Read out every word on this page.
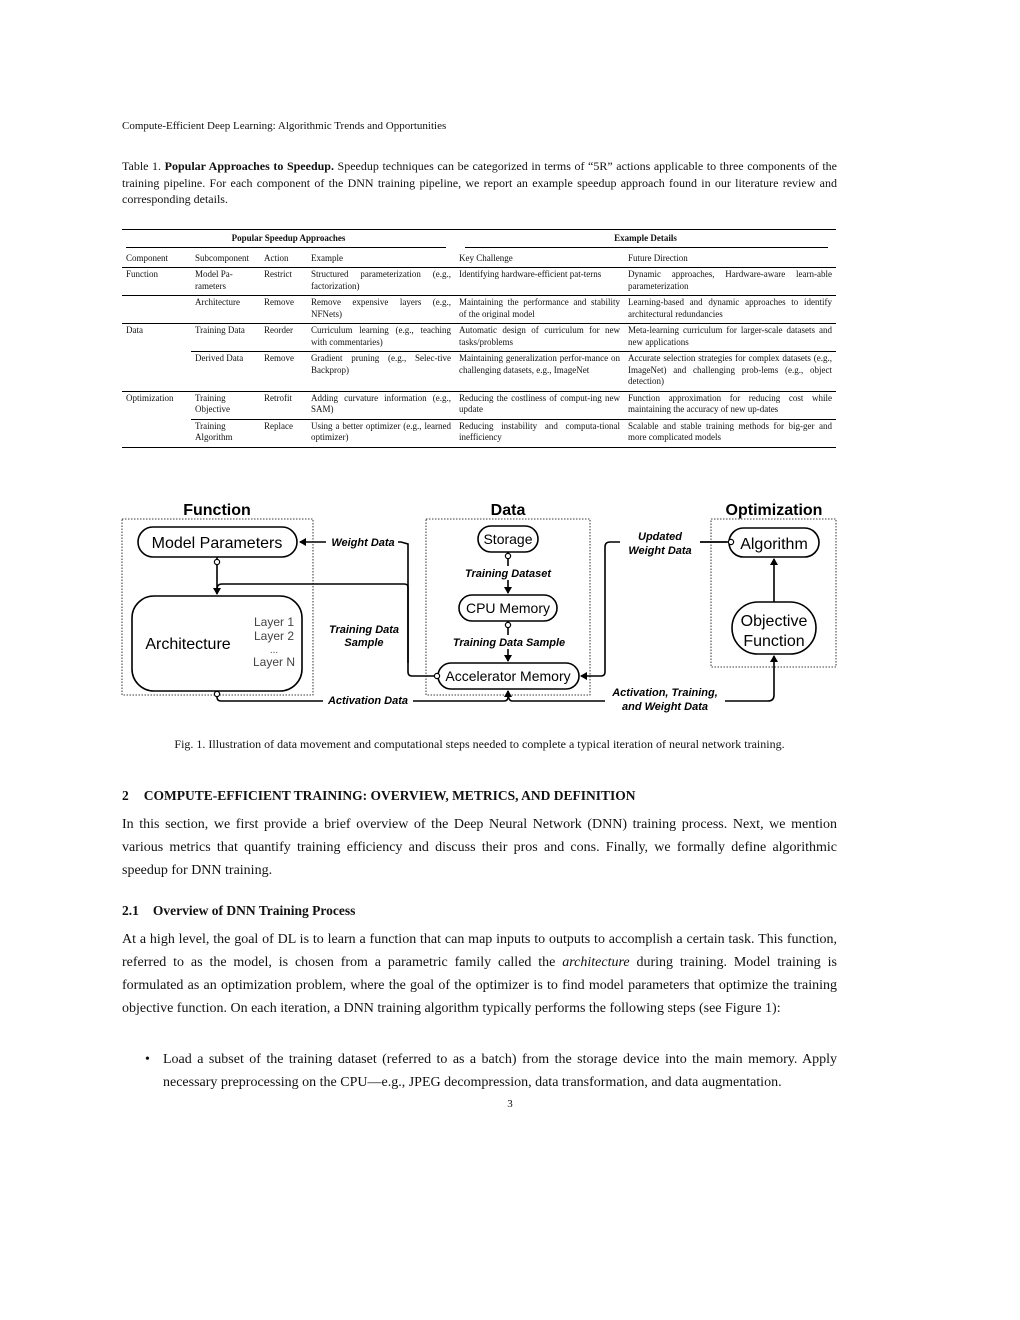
Compute-Efficient Deep Learning: Algorithmic Trends and Opportunities
Table 1. Popular Approaches to Speedup. Speedup techniques can be categorized in terms of “5R” actions applicable to three components of the training pipeline. For each component of the DNN training pipeline, we report an example speedup approach found in our literature review and corresponding details.
Popular Speedup Approaches				Example Details	
Component	Subcomponent	Action	Example	Key Challenge	Future Direction
Function	Model Pa-rameters	Restrict	Structured parameterization (e.g., factorization)	Identifying hardware-efficient pat-terns	Dynamic approaches, Hardware-aware learn-able parameterization
	Architecture	Remove	Remove expensive layers (e.g., NFNets)	Maintaining the performance and stability of the original model	Learning-based and dynamic approaches to identify architectural redundancies
Data	Training Data	Reorder	Curriculum learning (e.g., teaching with commentaries)	Automatic design of curriculum for new tasks/problems	Meta-learning curriculum for larger-scale datasets and new applications
	Derived Data	Remove	Gradient pruning (e.g., Selec-tive Backprop)	Maintaining generalization perfor-mance on challenging datasets, e.g., ImageNet	Accurate selection strategies for complex datasets (e.g., ImageNet) and challenging prob-lems (e.g., object detection)
Optimization	Training Objective	Retrofit	Adding curvature information (e.g., SAM)	Reducing the costliness of comput-ing new update	Function approximation for reducing cost while maintaining the accuracy of new up-dates
	Training Algorithm	Replace	Using a better optimizer (e.g., learned optimizer)	Reducing instability and computa-tional inefficiency	Scalable and stable training methods for big-ger and more complicated models
Function	Data	Optimization
Model Parameters
Architecture
Layer 1
Layer 2
...
Layer N
Storage
CPU Memory
Accelerator Memory
Algorithm
Objective
Function
Weight Data
Training Data
Sample
Training Dataset
Training Data Sample
Activation Data
Activation, Training,
and Weight Data
Updated
Weight Data
Fig. 1. Illustration of data movement and computational steps needed to complete a typical iteration of neural network training.
2 COMPUTE-EFFICIENT TRAINING: OVERVIEW, METRICS, AND DEFINITION
In this section, we first provide a brief overview of the Deep Neural Network (DNN) training process. Next, we mention various metrics that quantify training efficiency and discuss their pros and cons. Finally, we formally define algorithmic speedup for DNN training.
2.1 Overview of DNN Training Process
At a high level, the goal of DL is to learn a function that can map inputs to outputs to accomplish a certain task. This function, referred to as the model, is chosen from a parametric family called the architecture during training. Model training is formulated as an optimization problem, where the goal of the optimizer is to find model parameters that optimize the training objective function. On each iteration, a DNN training algorithm typically performs the following steps (see Figure 1):
• Load a subset of the training dataset (referred to as a batch) from the storage device into the main memory. Apply necessary preprocessing on the CPU—e.g., JPEG decompression, data transformation, and data augmentation.
3
